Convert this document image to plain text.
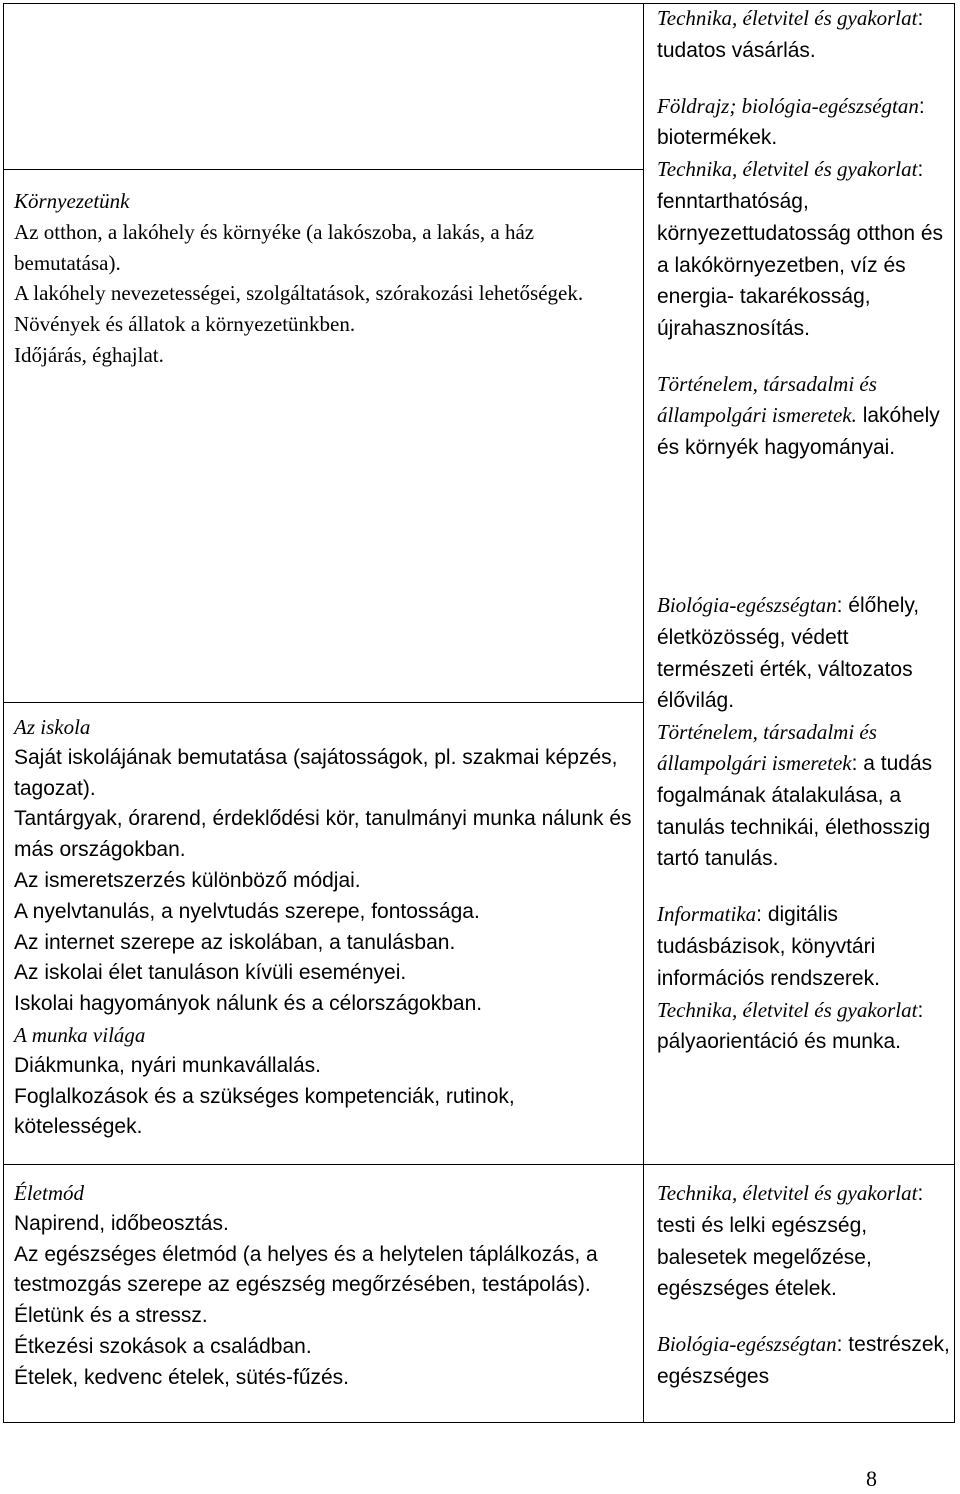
Környezetünk

Az otthon, a lakóhely és környéke (a lakószoba, a lakás, a ház bemutatása).

A lakóhely nevezetességei, szolgáltatások, szórakozási lehetőségek.

Növények és állatok a környezetünkben.

Időjárás, éghajlat.

Technika, életvitel és gyakorlat: tudatos vásárlás.

Földrajz; biológia-egészségtan: biotermékek.

Technika, életvitel és gyakorlat: fenntarthatóság, környezettudatosság otthon és a lakókörnyezetben, víz és energia- takarékosság, újrahasznosítás.

Történelem, társadalmi és állampolgári ismeretek. lakóhely és környék hagyományai.

Az iskola

Saját iskolájának bemutatása (sajátosságok, pl. szakmai képzés, tagozat).

Tantárgyak, órarend, érdeklődési kör, tanulmányi munka nálunk és más országokban.

Az ismeretszerzés különböző módjai.

A nyelvtanulás, a nyelvtudás szerepe, fontossága.

Az internet szerepe az iskolában, a tanulásban.

Az iskolai élet tanuláson kívüli eseményei.

Iskolai hagyományok nálunk és a célországokban.

A munka világa

Diákmunka, nyári munkavállalás.

Foglalkozások és a szükséges kompetenciák, rutinok, kötelességek.

Biológia-egészségtan: élőhely, életközösség, védett természeti érték, változatos élővilág.

Történelem, társadalmi és állampolgári ismeretek: a tudás fogalmának átalakulása, a tanulás technikái, élethosszig tartó tanulás.

Informatika: digitális tudásbázisok, könyvtári információs rendszerek.

Technika, életvitel és gyakorlat: pályaorientáció és munka.

Életmód

Napirend, időbeosztás.

Az egészséges életmód (a helyes és a helytelen táplálkozás, a testmozgás szerepe az egészség megőrzésében, testápolás).

Életünk és a stressz.

Étkezési szokások a családban.

Ételek, kedvenc ételek, sütés-fűzés.

Technika, életvitel és gyakorlat: testi és lelki egészség, balesetek megelőzése, egészséges ételek.

Biológia-egészségtan: testrészek, egészséges

8
